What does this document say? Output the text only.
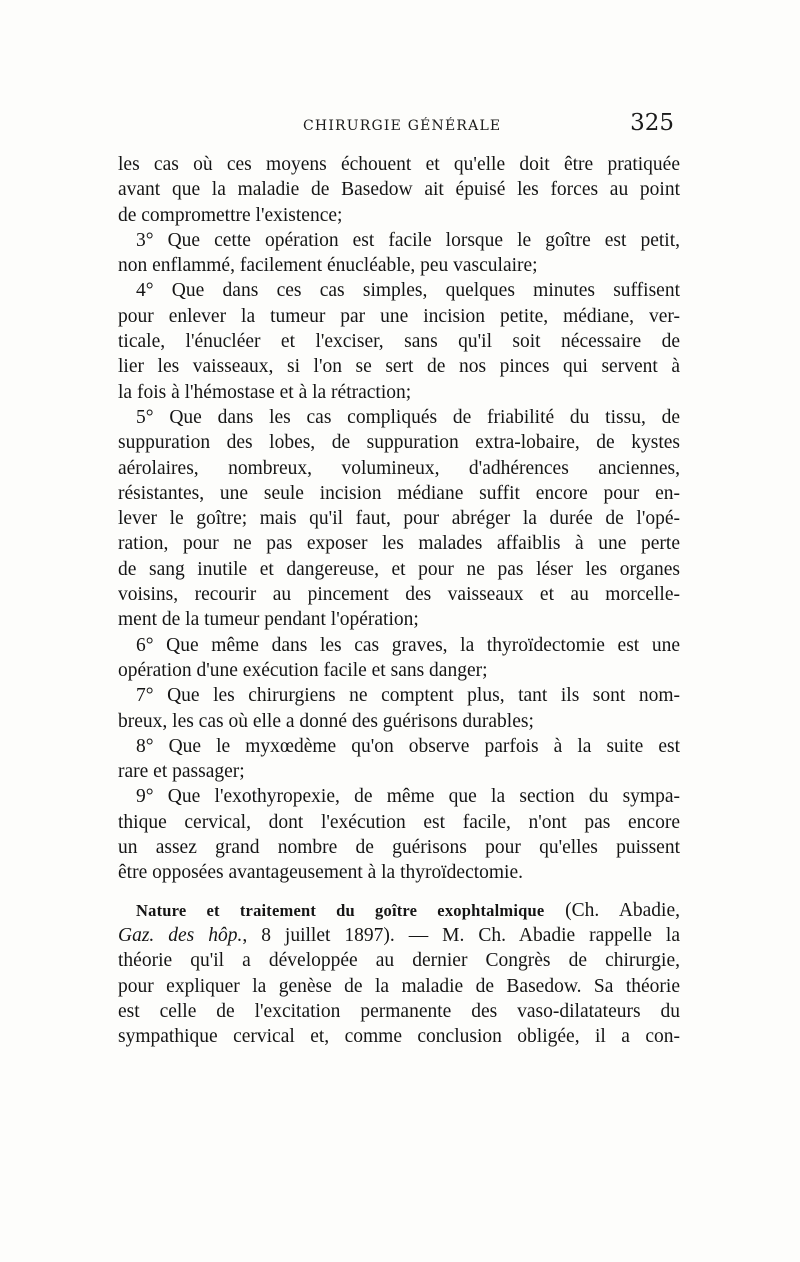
CHIRURGIE GÉNÉRALE	325
les cas où ces moyens échouent et qu'elle doit être pratiquée
avant que la maladie de Basedow ait épuisé les forces au point
de compromettre l'existence;
3° Que cette opération est facile lorsque le goître est petit,
non enflammé, facilement énucléable, peu vasculaire;
4° Que dans ces cas simples, quelques minutes suffisent
pour enlever la tumeur par une incision petite, médiane, ver-
ticale, l'énucléer et l'exciser, sans qu'il soit nécessaire de
lier les vaisseaux, si l'on se sert de nos pinces qui servent à
la fois à l'hémostase et à la rétraction;
5° Que dans les cas compliqués de friabilité du tissu, de
suppuration des lobes, de suppuration extra-lobaire, de kystes
aérolaires, nombreux, volumineux, d'adhérences anciennes,
résistantes, une seule incision médiane suffit encore pour en-
lever le goître; mais qu'il faut, pour abréger la durée de l'opé-
ration, pour ne pas exposer les malades affaiblis à une perte
de sang inutile et dangereuse, et pour ne pas léser les organes
voisins, recourir au pincement des vaisseaux et au morcelle-
ment de la tumeur pendant l'opération;
6° Que même dans les cas graves, la thyroïdectomie est une
opération d'une exécution facile et sans danger;
7° Que les chirurgiens ne comptent plus, tant ils sont nom-
breux, les cas où elle a donné des guérisons durables;
8° Que le myxœdème qu'on observe parfois à la suite est
rare et passager;
9° Que l'exothyropexie, de même que la section du sympa-
thique cervical, dont l'exécution est facile, n'ont pas encore
un assez grand nombre de guérisons pour qu'elles puissent
être opposées avantageusement à la thyroïdectomie.
Nature et traitement du goître exophtalmique (Ch. Abadie,
Gaz. des hôp., 8 juillet 1897). — M. Ch. Abadie rappelle la
théorie qu'il a développée au dernier Congrès de chirurgie,
pour expliquer la genèse de la maladie de Basedow. Sa théorie
est celle de l'excitation permanente des vaso-dilatateurs du
sympathique cervical et, comme conclusion obligée, il a con-
